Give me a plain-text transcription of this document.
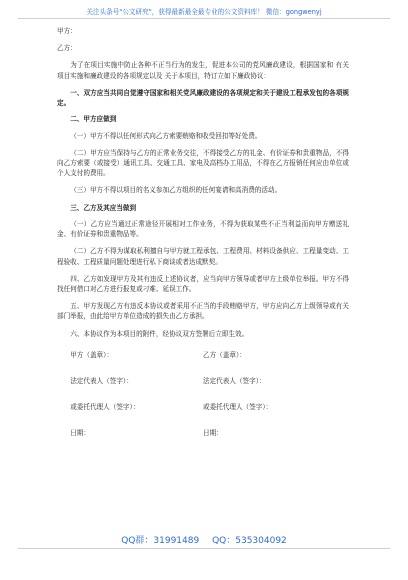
关注头条号"公文研究"，获得最新最全最专业的公文资料库！ 微信：gongwenyj

甲方：

乙方：

为了在项目实施中防止各种不正当行为的发生，促进本公司的党风廉政建设，根据国家和 有关项目实施和廉政建设的各项规定以及 关于本项目，特订立如下廉政协议：

一、双方应当共同自觉遵守国家和相关党风廉政建设的各项规定和关于建设工程承发包的各项规定。

二、甲方应做到

（一）甲方不得以任何形式向乙方索要贿赂和收受回扣等好处费。

（二）甲方应当保持与乙方的正常业务交往，不得接受乙方的礼金、有价证券和贵重物品，不得向乙方索要（或接受）通讯工具、交通工具、家电及高档办工用品，不得在乙方报销任何应由单位或个人支付的费用。

（三）甲方不得以项目的名义参加乙方组织的任何宴请和高消费的活动。

三、乙方及其应当做到

（一）乙方应当通过正常途径开展相对工作业务，不得为获取某些不正当利益而向甲方赠送礼金、有价证券和贵重物品等。

（二）乙方不得为谋取私利擅自与甲方就工程承包、工程费用、材料设备供应、工程量变动、工程验收、工程质量问题处理进行私下商谈或者达成默契。

四、乙方如发现甲方及其有违反上述协议者，应当向甲方领导或者甲方上级单位举报。甲方不得找任何借口对乙方进行报复或刁难、延误工作。

五、甲方发现乙方有违反本协议或者采用不正当的手段贿赂甲方，甲方应向乙方上级领导或有关部门举报，由此给甲方单位造成的损失由乙方承担。

六、本协议作为本项目的附件，经协议双方签署后立即生效。

甲方（盖章）：	乙方（盖章）：
法定代表人（签字）：	法定代表人（签字）：
或委托代理人（签字）：	或委托代理人（签字）：
日期：	日期：
QQ群：31991489 QQ：535304092
